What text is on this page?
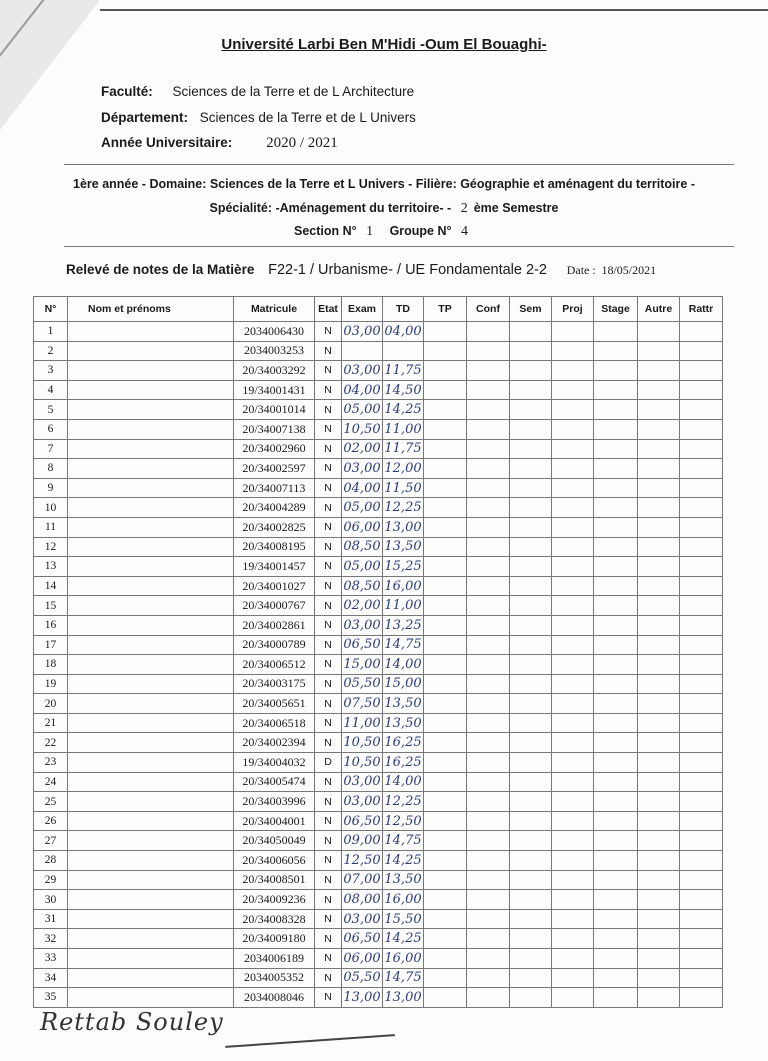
Université Larbi Ben M'Hidi -Oum El Bouaghi-
Faculté: Sciences de la Terre et de L Architecture
Département: Sciences de la Terre et de L Univers
Année Universitaire: 2020 / 2021
1ère année - Domaine: Sciences de la Terre et L Univers - Filière: Géographie et aménagent du territoire -
Spécialité: -Aménagement du territoire- - 2 ème Semestre
Section N° 1 Groupe N° 4
Relevé de notes de la Matière F22-1 / Urbanisme- / UE Fondamentale 2-2 Date : 18/05/2021
N°	Nom et prénoms	Matricule	Etat	Exam	TD	TP	Conf	Sem	Proj	Stage	Autre	Rattr
1		2034006430	N	03,00	04,00							
2		2034003253	N									
3		20/34003292	N	03,00	11,75							
4		19/34001431	N	04,00	14,50							
5		20/34001014	N	05,00	14,25							
6		20/34007138	N	10,50	11,00							
7		20/34002960	N	02,00	11,75							
8		20/34002597	N	03,00	12,00							
9		20/34007113	N	04,00	11,50							
10		20/34004289	N	05,00	12,25							
11		20/34002825	N	06,00	13,00							
12		20/34008195	N	08,50	13,50							
13		19/34001457	N	05,00	15,25							
14		20/34001027	N	08,50	16,00							
15		20/34000767	N	02,00	11,00							
16		20/34002861	N	03,00	13,25							
17		20/34000789	N	06,50	14,75							
18		20/34006512	N	15,00	14,00							
19		20/34003175	N	05,50	15,00							
20		20/34005651	N	07,50	13,50							
21		20/34006518	N	11,00	13,50							
22		20/34002394	N	10,50	16,25							
23		19/34004032	D	10,50	16,25							
24		20/34005474	N	03,00	14,00							
25		20/34003996	N	03,00	12,25							
26		20/34004001	N	06,50	12,50							
27		20/34050049	N	09,00	14,75							
28		20/34006056	N	12,50	14,25							
29		20/34008501	N	07,00	13,50							
30		20/34009236	N	08,00	16,00							
31		20/34008328	N	03,00	15,50							
32		20/34009180	N	06,50	14,25							
33		2034006189	N	06,00	16,00							
34		2034005352	N	05,50	14,75							
35		2034008046	N	13,00	13,00							
Rettab Souley
